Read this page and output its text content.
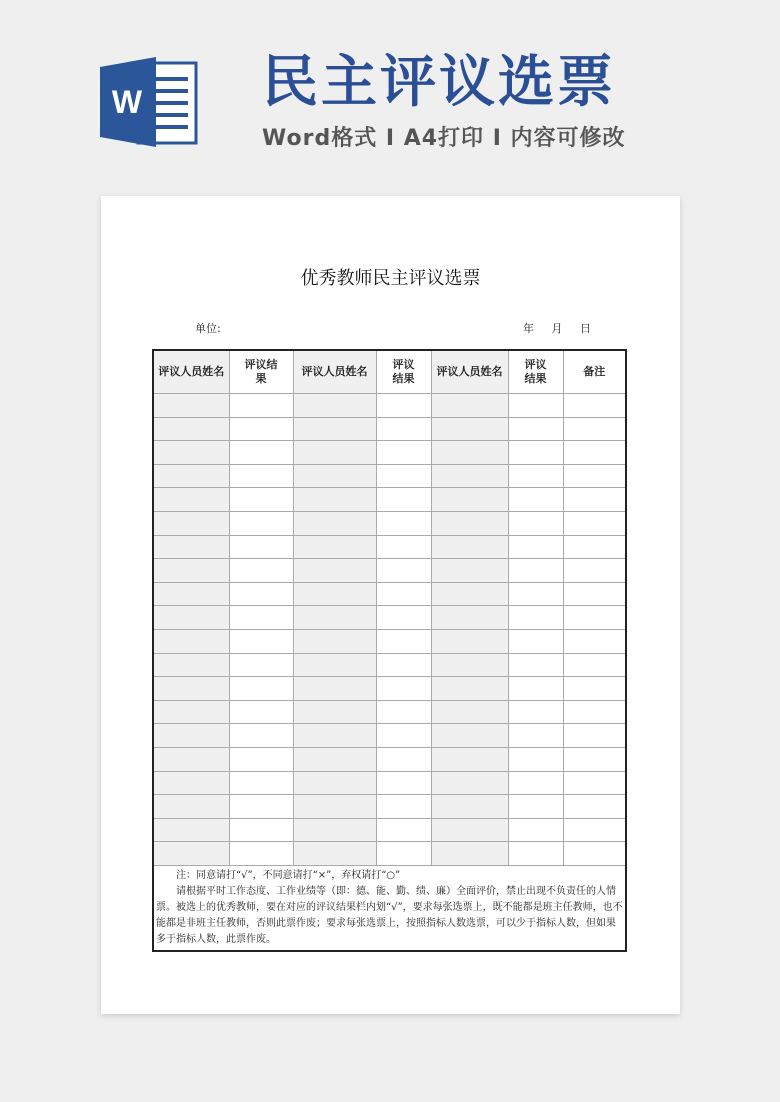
W 民主评议选票
Word格式 I A4打印 I 内容可修改
优秀教师民主评议选票
单位:	年 月 日
评议人员姓名	评议结果	评议人员姓名	评议结果	评议人员姓名	评议结果	备注

注：同意请打“√”，不同意请打“×”，弃权请打“○”

请根据平时工作态度、工作业绩等（即：德、能、勤、绩、廉）全面评价，禁止出现不负责任的人情票。被选上的优秀教师，要在对应的评议结果栏内划“√”，要求每张选票上，既不能都是班主任教师，也不能都是非班主任教师，否则此票作废；要求每张选票上，按照指标人数选票，可以少于指标人数，但如果多于指标人数，此票作废。						
